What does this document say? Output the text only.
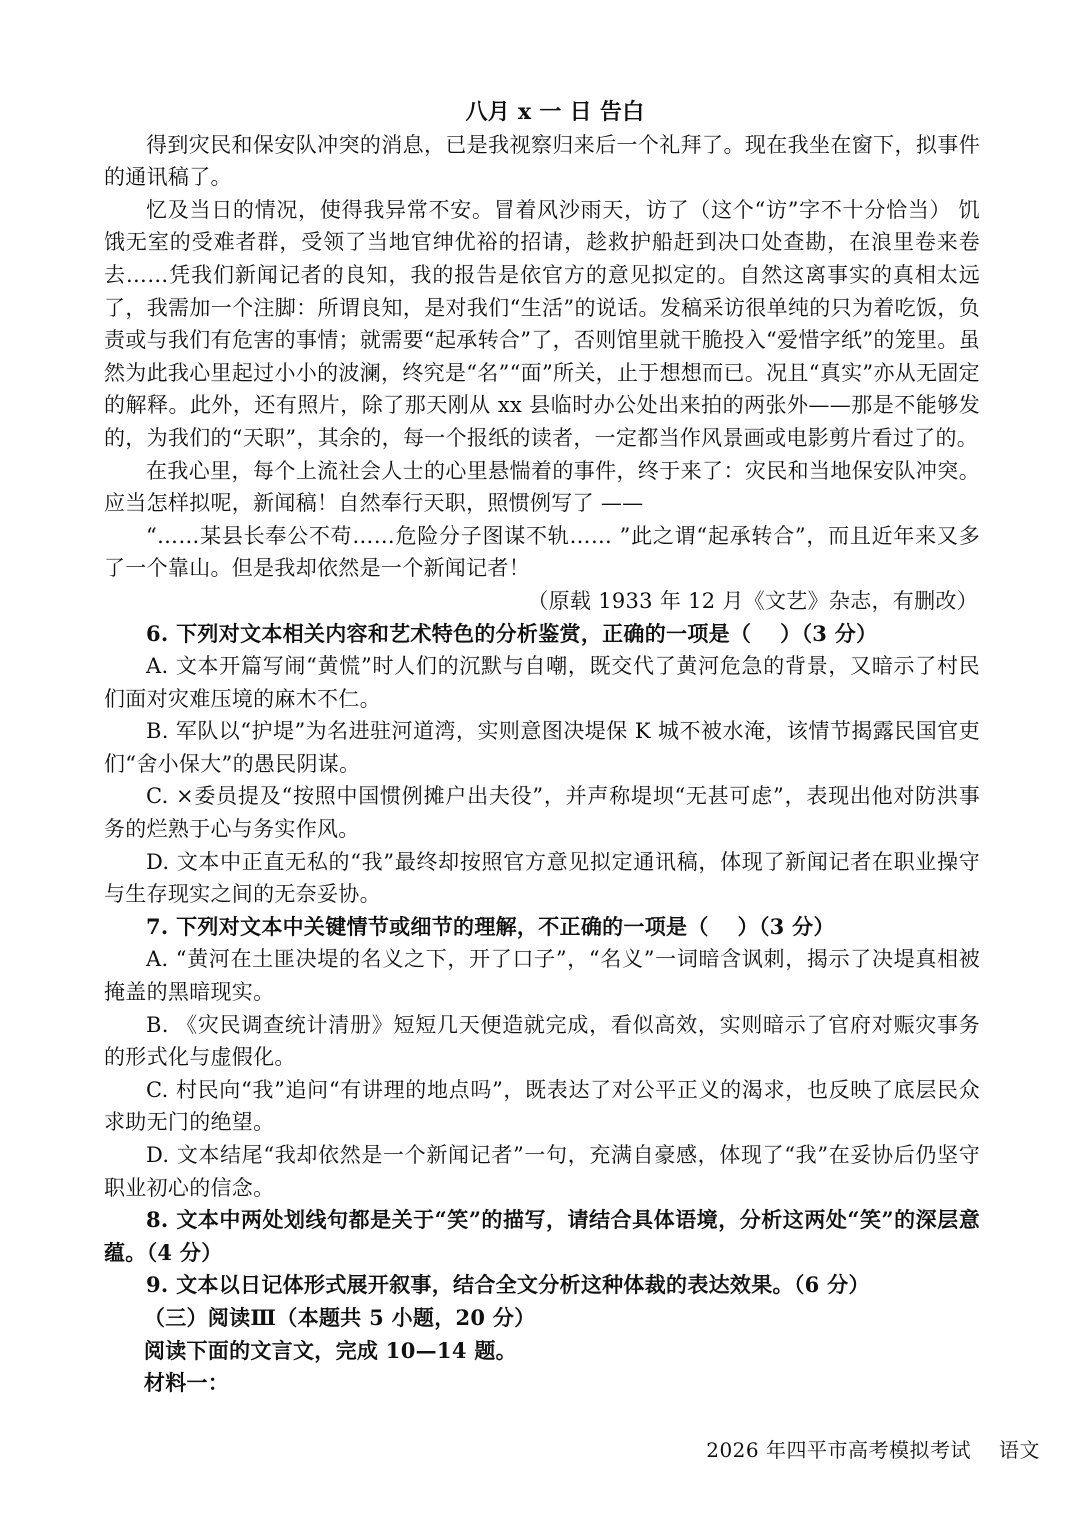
八月 x 一 日 告白

得到灾民和保安队冲突的消息，已是我视察归来后一个礼拜了。现在我坐在窗下，拟事件的通讯稿了。

忆及当日的情况，使得我异常不安。冒着风沙雨天，访了（这个“访”字不十分恰当） 饥饿无室的受难者群，受领了当地官绅优裕的招请，趁救护船赶到决口处查勘，在浪里卷来卷去……凭我们新闻记者的良知，我的报告是依官方的意见拟定的。自然这离事实的真相太远了，我需加一个注脚：所谓良知，是对我们“生活”的说话。发稿采访很单纯的只为着吃饭，负责或与我们有危害的事情；就需要“起承转合”了，否则馆里就干脆投入“爱惜字纸”的笼里。虽然为此我心里起过小小的波澜，终究是“名”“面”所关，止于想想而已。况且“真实”亦从无固定的解释。此外，还有照片，除了那天刚从 xx 县临时办公处出来拍的两张外——那是不能够发的，为我们的“天职”，其余的，每一个报纸的读者，一定都当作风景画或电影剪片看过了的。

在我心里，每个上流社会人士的心里悬惴着的事件，终于来了：灾民和当地保安队冲突。应当怎样拟呢，新闻稿！自然奉行天职，照惯例写了 ——

“……某县长奉公不苟……危险分子图谋不轨…… ”此之谓“起承转合”，而且近年来又多了一个靠山。但是我却依然是一个新闻记者！

（原载 1933 年 12 月《文艺》杂志，有删改）

6. 下列对文本相关内容和艺术特色的分析鉴赏，正确的一项是（　 ）（3 分）

A. 文本开篇写闹“黄慌”时人们的沉默与自嘲，既交代了黄河危急的背景，又暗示了村民们面对灾难压境的麻木不仁。

B. 军队以“护堤”为名进驻河道湾，实则意图决堤保 K 城不被水淹，该情节揭露民国官吏们“舍小保大”的愚民阴谋。

C. ×委员提及“按照中国惯例摊户出夫役”，并声称堤坝“无甚可虑”，表现出他对防洪事务的烂熟于心与务实作风。

D. 文本中正直无私的“我”最终却按照官方意见拟定通讯稿，体现了新闻记者在职业操守与生存现实之间的无奈妥协。

7. 下列对文本中关键情节或细节的理解，不正确的一项是（　 ）（3 分）

A. “黄河在土匪决堤的名义之下，开了口子”，“名义”一词暗含讽刺，揭示了决堤真相被掩盖的黑暗现实。

B. 《灾民调查统计清册》短短几天便造就完成，看似高效，实则暗示了官府对赈灾事务的形式化与虚假化。

C. 村民向“我”追问“有讲理的地点吗”，既表达了对公平正义的渴求，也反映了底层民众求助无门的绝望。

D. 文本结尾“我却依然是一个新闻记者”一句，充满自豪感，体现了“我”在妥协后仍坚守职业初心的信念。

8. 文本中两处划线句都是关于“笑”的描写，请结合具体语境，分析这两处“笑”的深层意蕴。（4 分）

9. 文本以日记体形式展开叙事，结合全文分析这种体裁的表达效果。（6 分）

（三）阅读Ⅲ（本题共 5 小题，20 分）

阅读下面的文言文，完成 10—14 题。

材料一：

2026 年四平市高考模拟考试 语文
